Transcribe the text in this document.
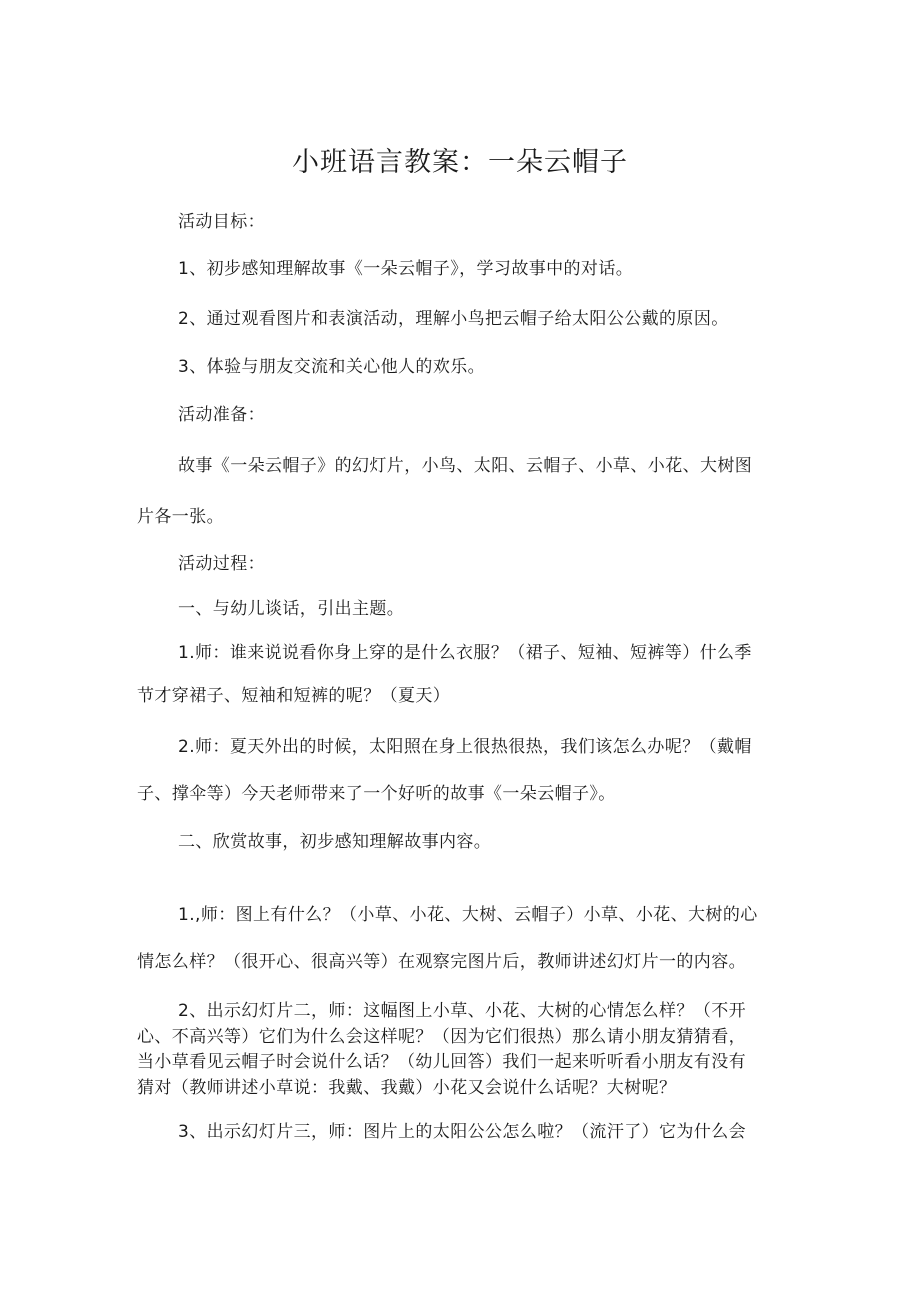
小班语言教案：一朵云帽子
活动目标：
1、初步感知理解故事《一朵云帽子》，学习故事中的对话。
2、通过观看图片和表演活动，理解小鸟把云帽子给太阳公公戴的原因。
3、体验与朋友交流和关心他人的欢乐。
活动准备：
故事《一朵云帽子》的幻灯片，小鸟、太阳、云帽子、小草、小花、大树图
片各一张。
活动过程：
一、与幼儿谈话，引出主题。
1.师：谁来说说看你身上穿的是什么衣服？（裙子、短袖、短裤等）什么季
节才穿裙子、短袖和短裤的呢？（夏天）
2.师：夏天外出的时候，太阳照在身上很热很热，我们该怎么办呢？（戴帽
子、撑伞等）今天老师带来了一个好听的故事《一朵云帽子》。
二、欣赏故事，初步感知理解故事内容。
1.,师：图上有什么？（小草、小花、大树、云帽子）小草、小花、大树的心
情怎么样？（很开心、很高兴等）在观察完图片后，教师讲述幻灯片一的内容。
2、出示幻灯片二，师：这幅图上小草、小花、大树的心情怎么样？（不开
心、不高兴等）它们为什么会这样呢？（因为它们很热）那么请小朋友猜猜看，
当小草看见云帽子时会说什么话？（幼儿回答）我们一起来听听看小朋友有没有
猜对（教师讲述小草说：我戴、我戴）小花又会说什么话呢？大树呢？
3、出示幻灯片三，师：图片上的太阳公公怎么啦？（流汗了）它为什么会
